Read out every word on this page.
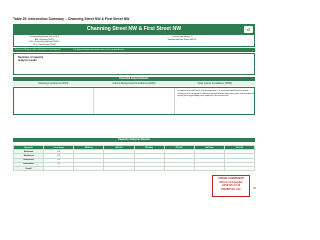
Table 25: Intersection Summary – Channing Street NW & First Street NW
Channing Street NW & First Street NW	G
Location/Evaluation with LOS F
AM = Existing (2015)
BG = Future Background (2020)
TF = Total Future (2020)
Current Intersection TI
Southbound First Street NW TF
Percent of Future traffic attributed to development	The Approaching intersection was to the trip distribution
Summary of capacity
analysis results
Potential Improvements
Existing Conditions (2015)	Future Background Conditions (2020)	Total Future Conditions (2020)
In conjunction with Phase 1 of development, it is recommended that the existing intersection be restriped to allow a protected left-turn during the peak, and coordinated signal phasing providing more capacity to the intersection.
Capacity Analysis Results
Approach	Lane Group	AM Delay	AM LOS	PM Delay	PM LOS	Sat Delay	Sat LOS
Eastbound	LTR						
Westbound	LTR						
Northbound	LTR						
Southbound	LTR						
Overall							
ZONING COMMISSION
District of Columbia
CASE NO. 16-16
EXHIBIT NO. 24C	57
